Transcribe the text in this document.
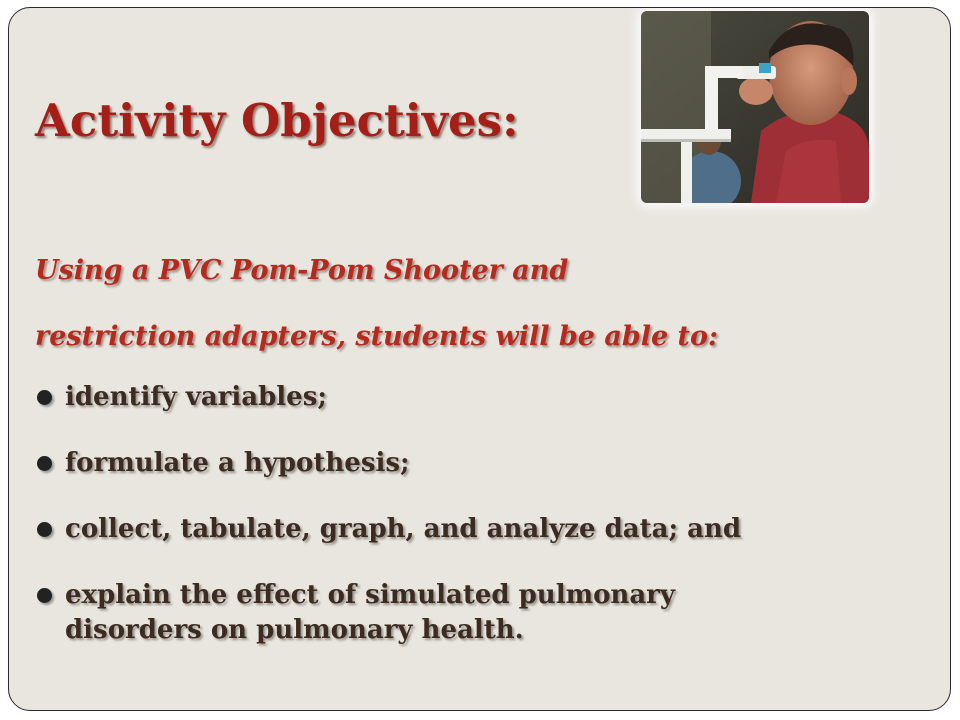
Activity Objectives:

Using a PVC Pom-Pom Shooter and
restriction adapters, students will be able to:

identify variables;
formulate a hypothesis;
collect, tabulate, graph, and analyze data; and
explain the effect of simulated pulmonary
disorders on pulmonary health.
